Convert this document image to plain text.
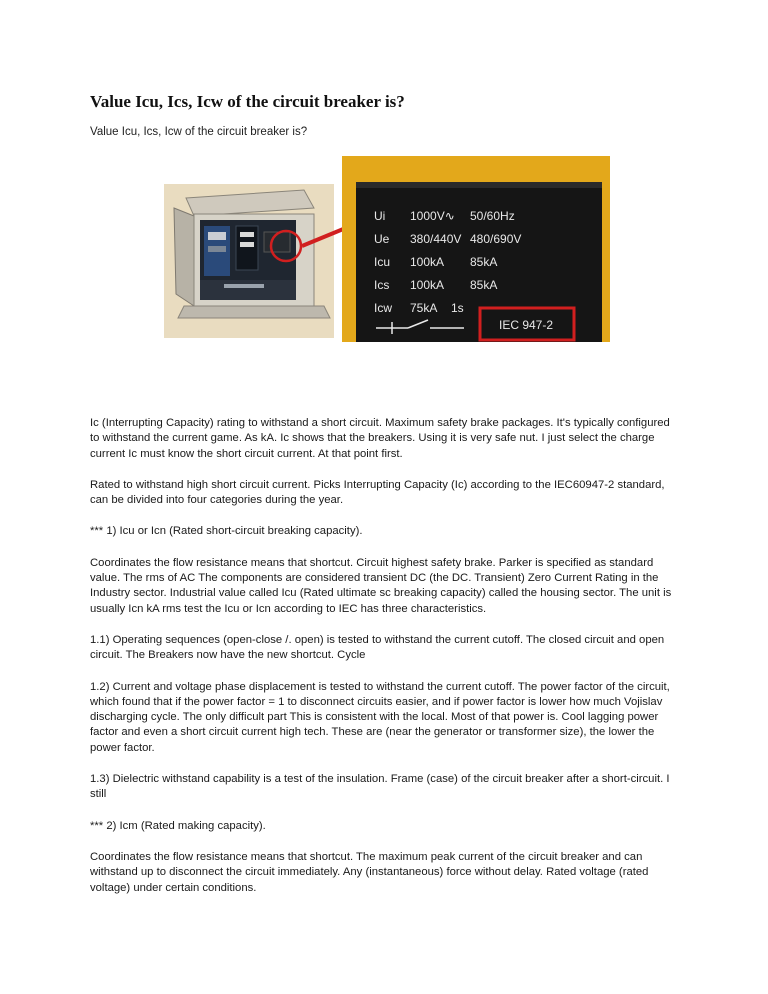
Value Icu, Ics, Icw of the circuit breaker is?
Value Icu, Ics, Icw of the circuit breaker is?
Ui 1000V∿ 50/60Hz
Ue 380/440V 480/690V
Icu 100kA 85kA
Ics 100kA 85kA
Icw 75kA 1s
IEC 947-2

Ic (Interrupting Capacity) rating to withstand a short circuit. Maximum safety brake packages. It's typically configured to withstand the current game. As kA. Ic shows that the breakers. Using it is very safe nut. I just select the charge current Ic must know the short circuit current. At that point first.

Rated to withstand high short circuit current. Picks Interrupting Capacity (Ic) according to the IEC60947-2 standard, can be divided into four categories during the year.

*** 1) Icu or Icn (Rated short-circuit breaking capacity).

Coordinates the flow resistance means that shortcut. Circuit highest safety brake. Parker is specified as standard value. The rms of AC The components are considered transient DC (the DC. Transient) Zero Current Rating in the Industry sector. Industrial value called Icu (Rated ultimate sc breaking capacity) called the housing sector. The unit is usually Icn kA rms test the Icu or Icn according to IEC has three characteristics.

1.1) Operating sequences (open-close /. open) is tested to withstand the current cutoff. The closed circuit and open circuit. The Breakers now have the new shortcut. Cycle

1.2) Current and voltage phase displacement is tested to withstand the current cutoff. The power factor of the circuit, which found that if the power factor = 1 to disconnect circuits easier, and if power factor is lower how much Vojislav discharging cycle. The only difficult part This is consistent with the local. Most of that power is. Cool lagging power factor and even a short circuit current high tech. These are (near the generator or transformer size), the lower the power factor.

1.3) Dielectric withstand capability is a test of the insulation. Frame (case) of the circuit breaker after a short-circuit. I still

*** 2) Icm (Rated making capacity).

Coordinates the flow resistance means that shortcut. The maximum peak current of the circuit breaker and can withstand up to disconnect the circuit immediately. Any (instantaneous) force without delay. Rated voltage (rated voltage) under certain conditions.
